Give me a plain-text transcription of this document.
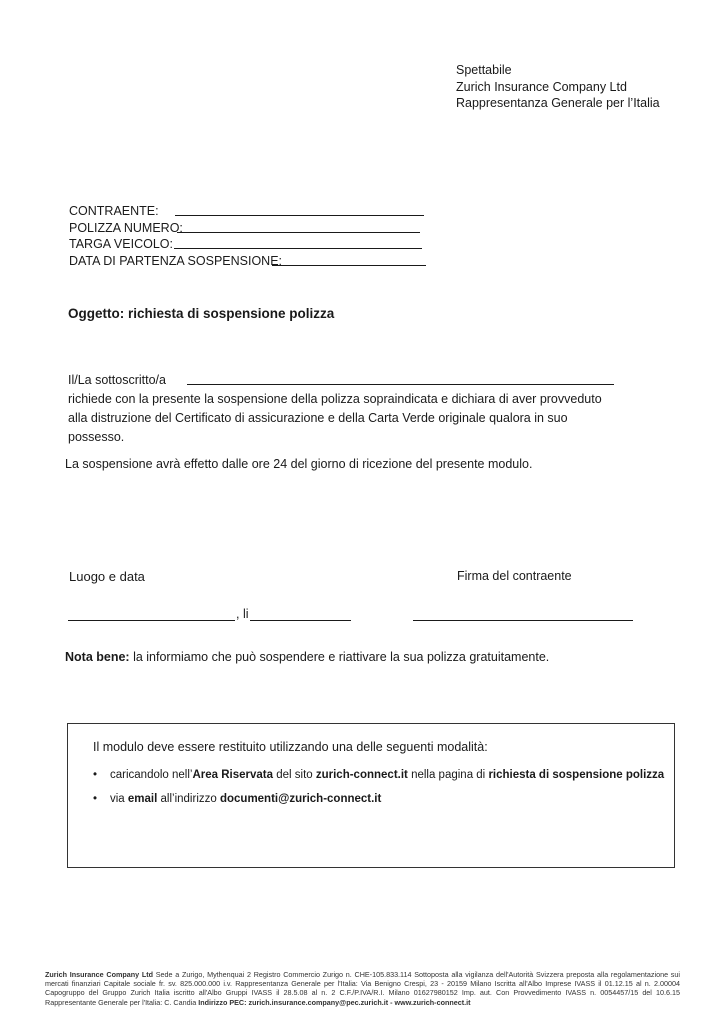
Spettabile
Zurich Insurance Company Ltd
Rappresentanza Generale per l’Italia
CONTRAENTE:
POLIZZA NUMERO:
TARGA VEICOLO:
DATA DI PARTENZA SOSPENSIONE:
Oggetto: richiesta di sospensione polizza
Il/La sottoscritto/a
richiede con la presente la sospensione della polizza sopraindicata e dichiara di aver provveduto
alla distruzione del Certificato di assicurazione e della Carta Verde originale qualora in suo
possesso.
La sospensione avrà effetto dalle ore 24 del giorno di ricezione del presente modulo.
Luogo e data	Firma del contraente
, li
Nota bene: la informiamo che può sospendere e riattivare la sua polizza gratuitamente.
Il modulo deve essere restituito utilizzando una delle seguenti modalità:
• caricandolo nell’Area Riservata del sito zurich-connect.it nella pagina di richiesta di sospensione polizza
• via email all’indirizzo documenti@zurich-connect.it
Zurich Insurance Company Ltd Sede a Zurigo, Mythenquai 2 Registro Commercio Zurigo n. CHE-105.833.114 Sottoposta alla vigilanza dell'Autorità Svizzera preposta alla regolamentazione sui mercati finanziari Capitale sociale fr. sv. 825.000.000 i.v. Rappresentanza Generale per l'Italia: Via Benigno Crespi, 23 - 20159 Milano Iscritta all'Albo Imprese IVASS il 01.12.15 al n. 2.00004 Capogruppo del Gruppo Zurich Italia iscritto all'Albo Gruppi IVASS il 28.5.08 al n. 2 C.F./P.IVA/R.I. Milano 01627980152 Imp. aut. Con Provvedimento IVASS n. 0054457/15 del 10.6.15 Rappresentante Generale per l'Italia: C. Candia Indirizzo PEC: zurich.insurance.company@pec.zurich.it - www.zurich-connect.it
